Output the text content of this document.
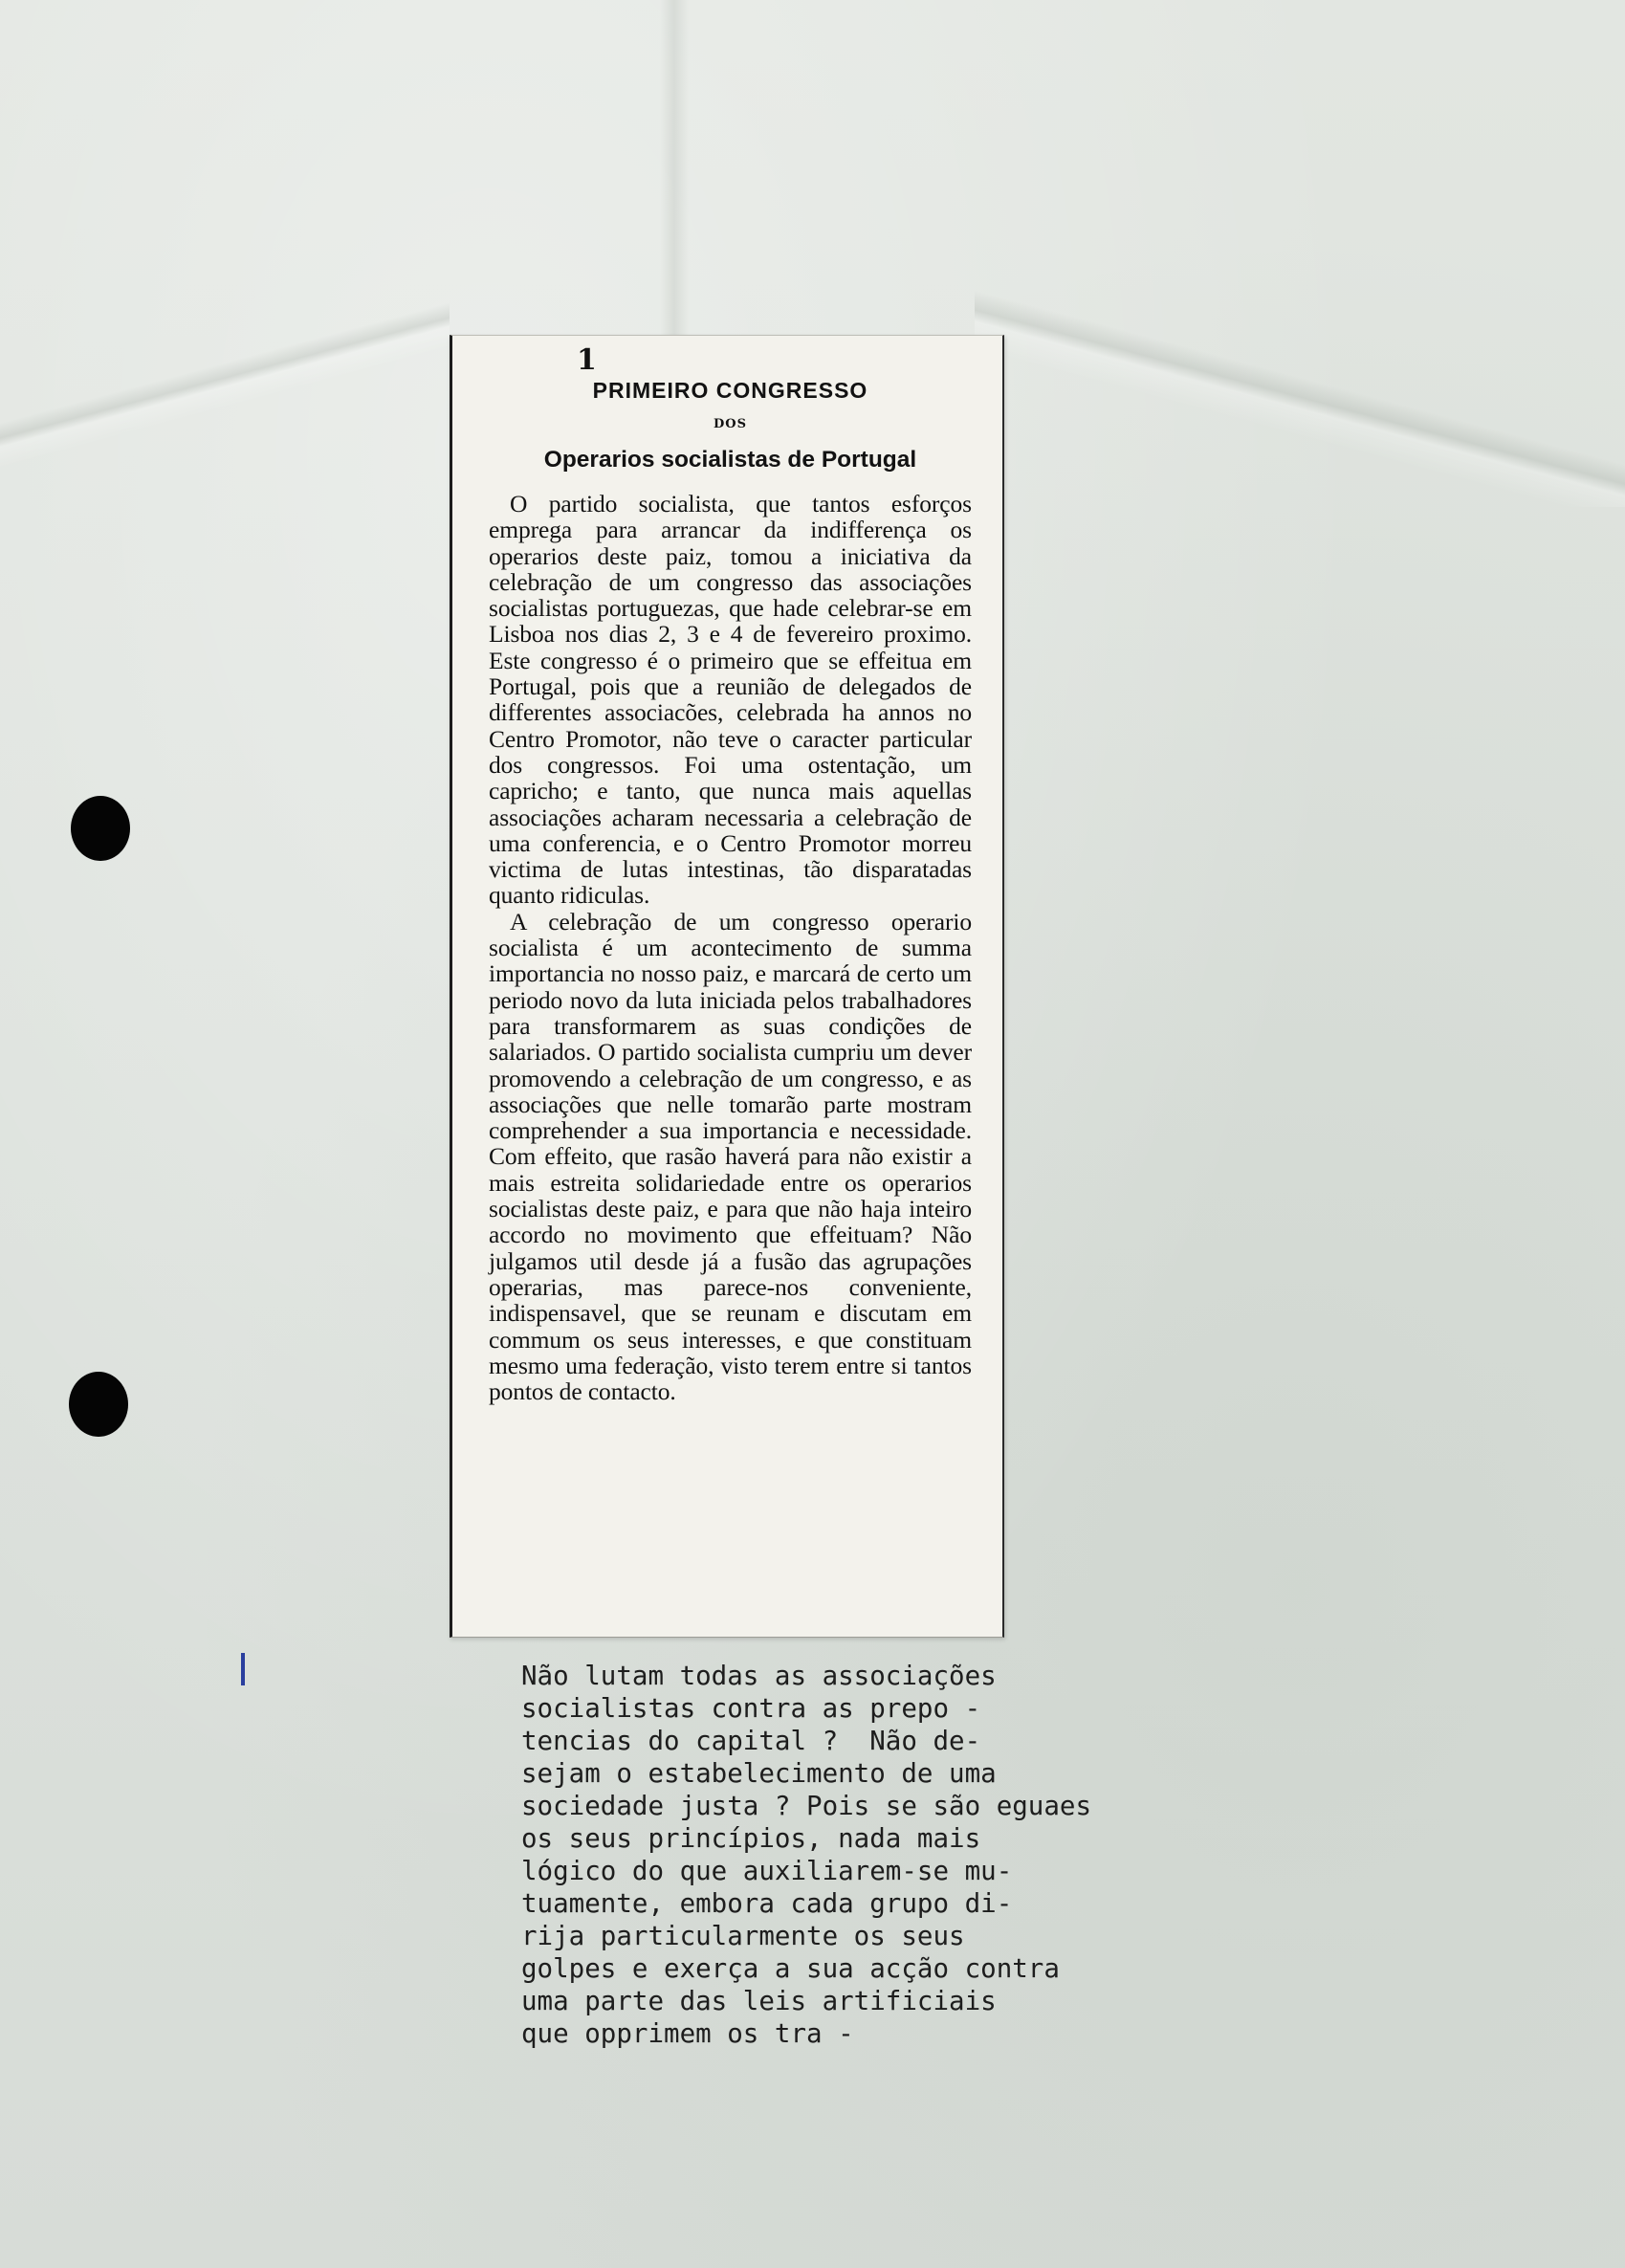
1
PRIMEIRO CONGRESSO
DOS
Operarios socialistas de Portugal

O partido socialista, que tantos esforços emprega para arrancar da indifferença os operarios deste paiz, tomou a iniciativa da celebração de um congresso das associações socialistas portuguezas, que hade celebrar-se em Lisboa nos dias 2, 3 e 4 de fevereiro proximo. Este congresso é o primeiro que se effeitua em Portugal, pois que a reunião de delegados de differentes associacões, celebrada ha annos no Centro Promotor, não teve o caracter particular dos congressos. Foi uma ostentação, um capricho; e tanto, que nunca mais aquellas associações acharam necessaria a celebração de uma conferencia, e o Centro Promotor morreu victima de lutas intestinas, tão disparatadas quanto ridiculas.

A celebração de um congresso operario socialista é um acontecimento de summa importancia no nosso paiz, e marcará de certo um periodo novo da luta iniciada pelos trabalhadores para transformarem as suas condições de salariados. O partido socialista cumpriu um dever promovendo a celebração de um congresso, e as associações que nelle tomarão parte mostram comprehender a sua importancia e necessidade. Com effeito, que rasão haverá para não existir a mais estreita solidariedade entre os operarios socialistas deste paiz, e para que não haja inteiro accordo no movimento que effeituam? Não julgamos util desde já a fusão das agrupações operarias, mas parece-nos conveniente, indispensavel, que se reunam e discutam em commum os seus interesses, e que constituam mesmo uma federação, visto terem entre si tantos pontos de contacto.

Não lutam todas as associações
socialistas contra as prepo -
tencias do capital ?  Não de-
sejam o estabelecimento de uma
sociedade justa ? Pois se são eguaes
os seus princípios, nada mais
lógico do que auxiliarem-se mu-
tuamente, embora cada grupo di-
rija particularmente os seus
golpes e exerça a sua acção contra
uma parte das leis artificiais
que opprimem os tra -
